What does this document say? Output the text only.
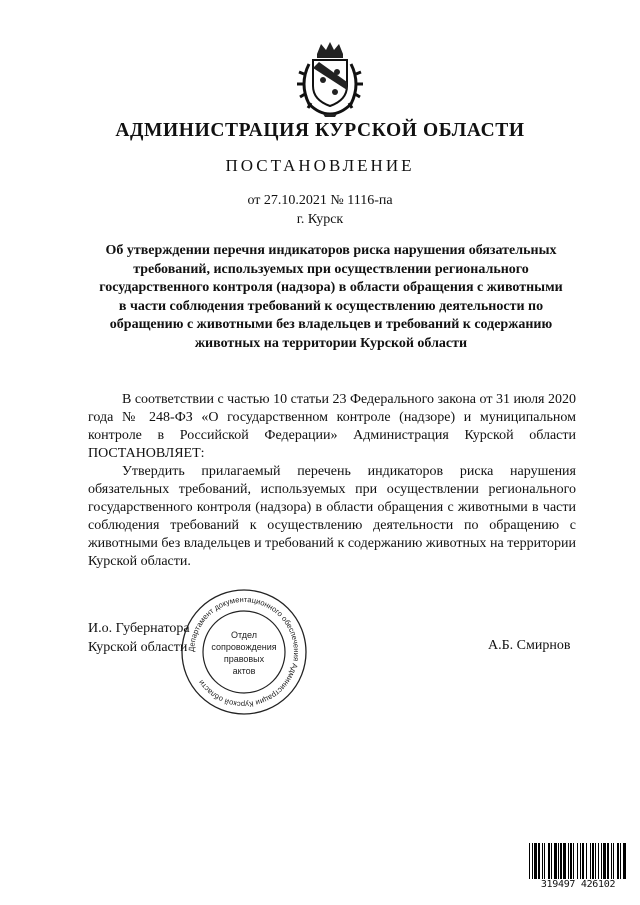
АДМИНИСТРАЦИЯ КУРСКОЙ ОБЛАСТИ
ПОСТАНОВЛЕНИЕ
от 27.10.2021 № 1116-па
г. Курск
Об утверждении перечня индикаторов риска нарушения обязательных требований, используемых при осуществлении регионального государственного контроля (надзора) в области обращения с животными в части соблюдения требований к осуществлению деятельности по обращению с животными без владельцев и требований к содержанию животных на территории Курской области

В соответствии с частью 10 статьи 23 Федерального закона от 31 июля 2020 года № 248-ФЗ «О государственном контроле (надзоре) и муниципальном контроле в Российской Федерации» Администрация Курской области ПОСТАНОВЛЯЕТ:

Утвердить прилагаемый перечень индикаторов риска нарушения обязательных требований, используемых при осуществлении регионального государственного контроля (надзора) в области обращения с животными в части соблюдения требований к осуществлению деятельности по обращению с животными без владельцев и требований к содержанию животных на территории Курской области.

И.о. Губернатора
Курской области	А.Б. Смирнов
Департамент документационного обеспечения Администрации Курской области
Отдел
сопровождения
правовых
актов
319497 426102
